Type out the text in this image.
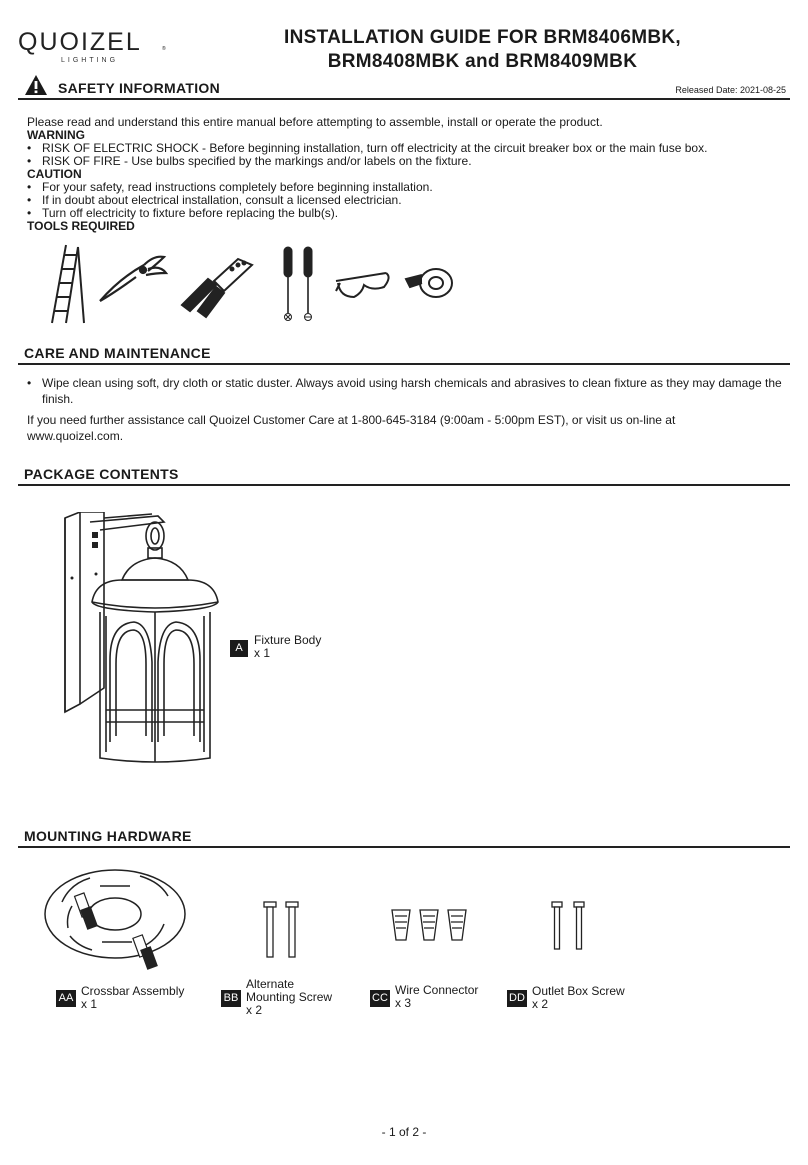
QUOIZEL
LIGHTING
®
INSTALLATION GUIDE FOR BRM8406MBK,
BRM8408MBK and BRM8409MBK
SAFETY INFORMATION	Released Date: 2021-08-25
Please read and understand this entire manual before attempting to assemble, install or operate the product.
WARNING
• RISK OF ELECTRIC SHOCK - Before beginning installation, turn off electricity at the circuit breaker box or the main fuse box.
• RISK OF FIRE - Use bulbs specified by the markings and/or labels on the fixture.
CAUTION
• For your safety, read instructions completely before beginning installation.
• If in doubt about electrical installation, consult a licensed electrician.
• Turn off electricity to fixture before replacing the bulb(s).
TOOLS REQUIRED
CARE AND MAINTENANCE
• Wipe clean using soft, dry cloth or static duster. Always avoid using harsh chemicals and abrasives to clean fixture as they may damage the finish.
If you need further assistance call Quoizel Customer Care at 1-800-645-3184 (9:00am - 5:00pm EST), or visit us on-line at www.quoizel.com.
PACKAGE CONTENTS
A
Fixture Body
x 1
MOUNTING HARDWARE
AA Crossbar Assembly
x 1	BB
Alternate
Mounting Screw
x 2
CC
Wire Connector
x 3	DD Outlet Box Screw
x 2
- 1 of 2 -
